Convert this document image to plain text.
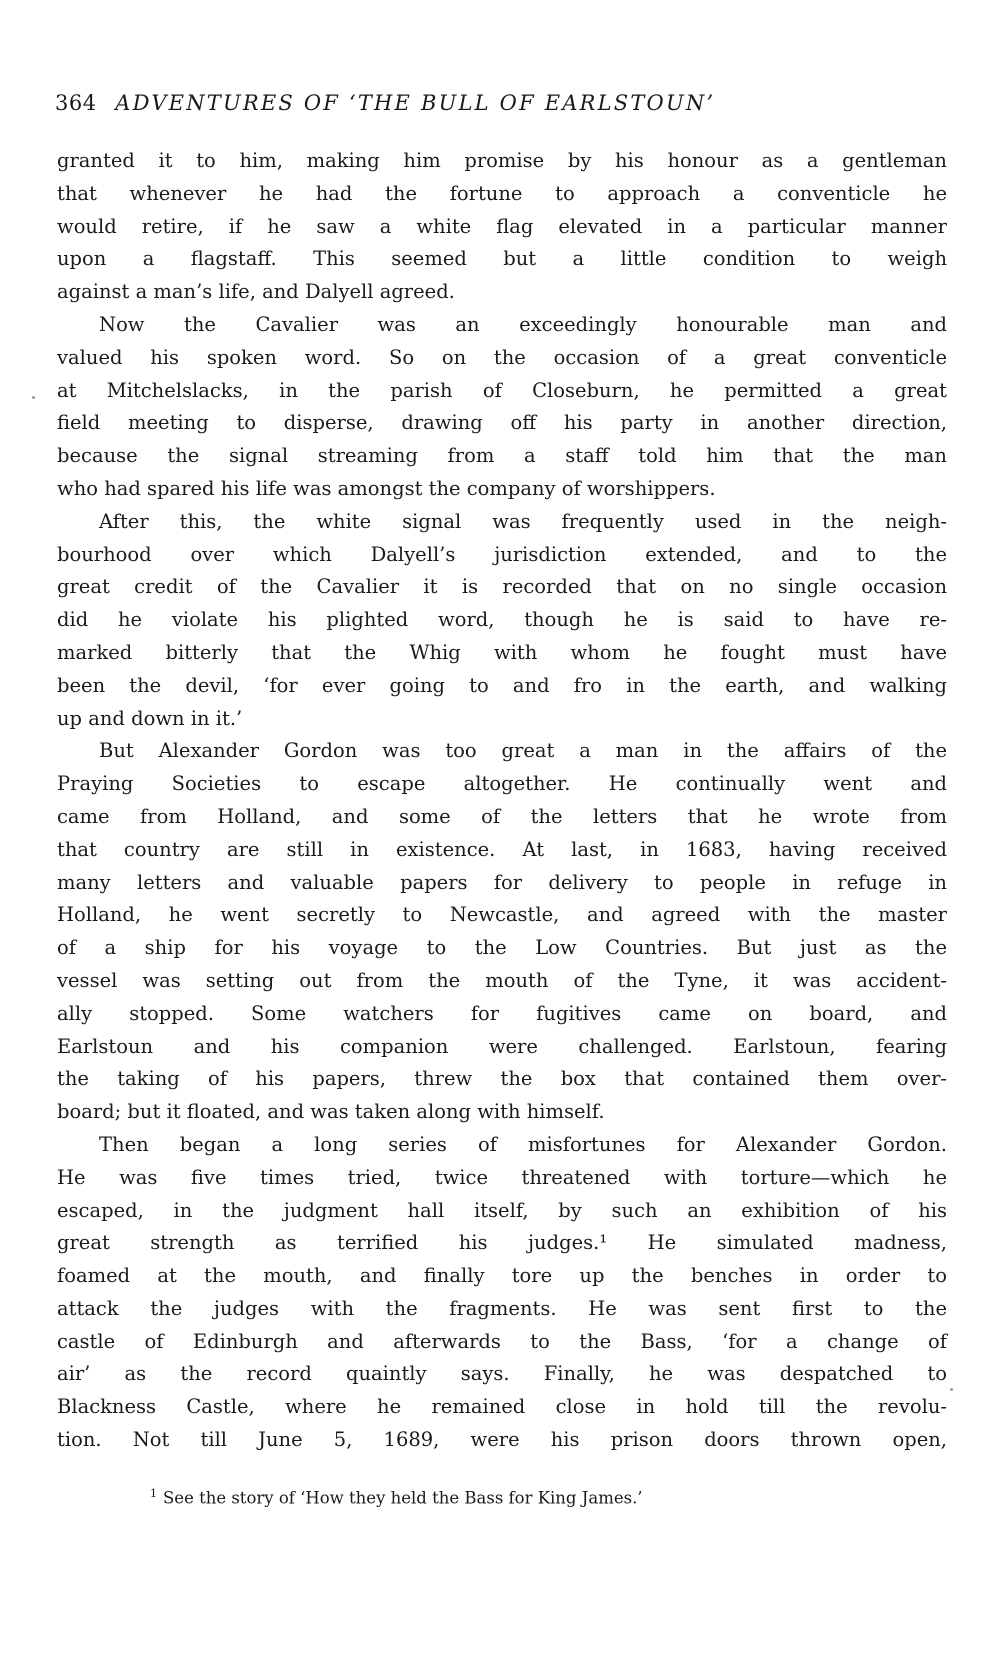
364 ADVENTURES OF ‘THE BULL OF EARLSTOUN’
granted it to him, making him promise by his honour as a gentleman
that whenever he had the fortune to approach a conventicle he
would retire, if he saw a white flag elevated in a particular manner
upon a flagstaff. This seemed but a little condition to weigh
against a man’s life, and Dalyell agreed.
Now the Cavalier was an exceedingly honourable man and
valued his spoken word. So on the occasion of a great conventicle
at Mitchelslacks, in the parish of Closeburn, he permitted a great
field meeting to disperse, drawing off his party in another direction,
because the signal streaming from a staff told him that the man
who had spared his life was amongst the company of worshippers.
After this, the white signal was frequently used in the neigh-
bourhood over which Dalyell’s jurisdiction extended, and to the
great credit of the Cavalier it is recorded that on no single occasion
did he violate his plighted word, though he is said to have re-
marked bitterly that the Whig with whom he fought must have
been the devil, ‘for ever going to and fro in the earth, and walking
up and down in it.’
But Alexander Gordon was too great a man in the affairs of the
Praying Societies to escape altogether. He continually went and
came from Holland, and some of the letters that he wrote from
that country are still in existence. At last, in 1683, having received
many letters and valuable papers for delivery to people in refuge in
Holland, he went secretly to Newcastle, and agreed with the master
of a ship for his voyage to the Low Countries. But just as the
vessel was setting out from the mouth of the Tyne, it was accident-
ally stopped. Some watchers for fugitives came on board, and
Earlstoun and his companion were challenged. Earlstoun, fearing
the taking of his papers, threw the box that contained them over-
board; but it floated, and was taken along with himself.
Then began a long series of misfortunes for Alexander Gordon.
He was five times tried, twice threatened with torture—which he
escaped, in the judgment hall itself, by such an exhibition of his
great strength as terrified his judges.¹ He simulated madness,
foamed at the mouth, and finally tore up the benches in order to
attack the judges with the fragments. He was sent first to the
castle of Edinburgh and afterwards to the Bass, ‘for a change of
air’ as the record quaintly says. Finally, he was despatched to
Blackness Castle, where he remained close in hold till the revolu-
tion. Not till June 5, 1689, were his prison doors thrown open,
$^1$ See the story of ‘How they held the Bass for King James.’
